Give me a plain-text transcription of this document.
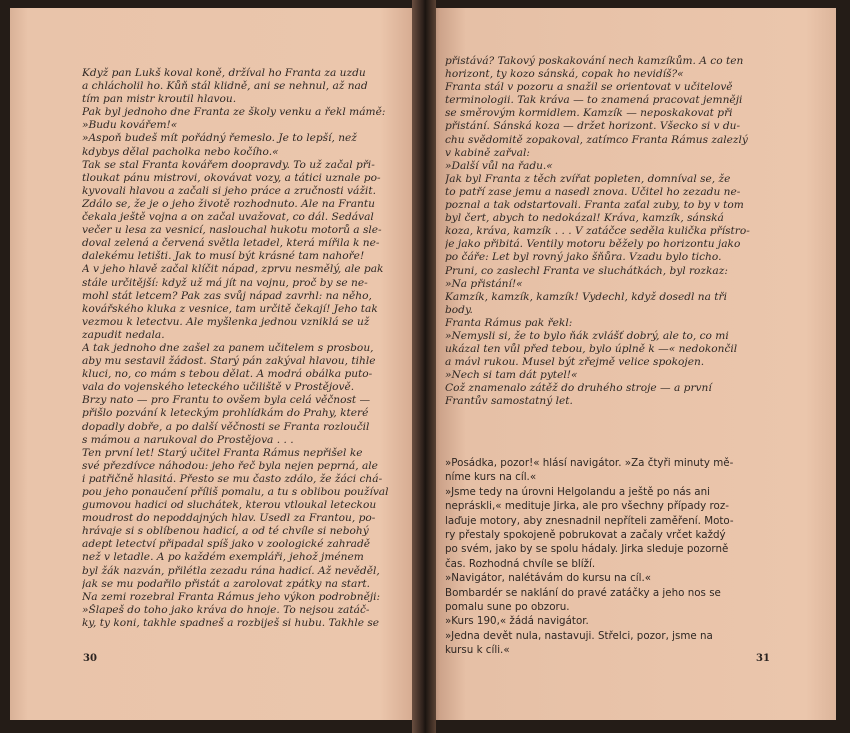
Když pan Lukš koval koně, držíval ho Franta za uzdu
a chlácholil ho. Kůň stál klidně, ani se nehnul, až nad
tím pan mistr kroutil hlavou.
Pak byl jednoho dne Franta ze školy venku a řekl mámě:
»Budu kovářem!«
»Aspoň budeš mít pořádný řemeslo. Je to lepší, než
kdybys dělal pacholka nebo kočího.«
Tak se stal Franta kovářem doopravdy. To už začal při-
tloukat pánu mistrovi, okovávat vozy, a tátici uznale po-
kyvovali hlavou a začali si jeho práce a zručnosti vážit.
Zdálo se, že je o jeho životě rozhodnuto. Ale na Frantu
čekala ještě vojna a on začal uvažovat, co dál. Sedával
večer u lesa za vesnicí, naslouchal hukotu motorů a sle-
doval zelená a červená světla letadel, která mířila k ne-
dalekému letišti. Jak to musí být krásné tam nahoře!
A v jeho hlavě začal klíčit nápad, zprvu nesmělý, ale pak
stále určitější: když už má jít na vojnu, proč by se ne-
mohl stát letcem? Pak zas svůj nápad zavrhl: na něho,
kovářského kluka z vesnice, tam určitě čekají! Jeho tak
vezmou k letectvu. Ale myšlenka jednou vzniklá se už
zapudit nedala.
A tak jednoho dne zašel za panem učitelem s prosbou,
aby mu sestavil žádost. Starý pán zakýval hlavou, tihle
kluci, no, co mám s tebou dělat. A modrá obálka puto-
vala do vojenského leteckého učiliště v Prostějově.
Brzy nato — pro Frantu to ovšem byla celá věčnost —
přišlo pozvání k leteckým prohlídkám do Prahy, které
dopadly dobře, a po další věčnosti se Franta rozloučil
s mámou a narukoval do Prostějova . . .
Ten první let! Starý učitel Franta Rámus nepřišel ke
své přezdívce náhodou: jeho řeč byla nejen peprná, ale
i patřičně hlasitá. Přesto se mu často zdálo, že žáci chá-
pou jeho ponaučení příliš pomalu, a tu s oblibou používal
gumovou hadici od sluchátek, kterou vtloukal leteckou
moudrost do nepoddajných hlav. Usedl za Frantou, po-
hrávaje si s oblíbenou hadicí, a od té chvíle si nebohý
adept letectví připadal spíš jako v zoologické zahradě
než v letadle. A po každém exempláři, jehož jménem
byl žák nazván, přilétla zezadu rána hadicí. Až nevěděl,
jak se mu podařilo přistát a zarolovat zpátky na start.
Na zemi rozebral Franta Rámus jeho výkon podrobněji:
»Šlapeš do toho jako kráva do hnoje. To nejsou zatáč-
ky, ty koni, takhle spadneš a rozbiješ si hubu. Takhle se
30
přistává? Takový poskakování nech kamzíkům. A co ten
horizont, ty kozo sánská, copak ho nevidíš?«
Franta stál v pozoru a snažil se orientovat v učitelově
terminologii. Tak kráva — to znamená pracovat jemněji
se směrovým kormidlem. Kamzík — neposkakovat při
přistání. Sánská koza — držet horizont. Všecko si v du-
chu svědomitě zopakoval, zatímco Franta Rámus zalezlý
v kabině zařval:
»Další vůl na řadu.«
Jak byl Franta z těch zvířat popleten, domníval se, že
to patří zase jemu a nasedl znova. Učitel ho zezadu ne-
poznal a tak odstartovali. Franta zaťal zuby, to by v tom
byl čert, abych to nedokázal! Kráva, kamzík, sánská
koza, kráva, kamzík . . . V zatáčce seděla kulička přístro-
je jako přibitá. Ventily motoru běžely po horizontu jako
po čáře: Let byl rovný jako šňůra. Vzadu bylo ticho.
Pruni, co zaslechl Franta ve sluchátkách, byl rozkaz:
»Na přistání!«
Kamzík, kamzík, kamzík! Vydechl, když dosedl na tři
body.
Franta Rámus pak řekl:
»Nemysli si, že to bylo ňák zvlášť dobrý, ale to, co mi
ukázal ten vůl před tebou, bylo úplně k —« nedokončil
a mávl rukou. Musel být zřejmě velice spokojen.
»Nech si tam dát pytel!«
Což znamenalo zátěž do druhého stroje — a první
Frantův samostatný let.
»Posádka, pozor!« hlásí navigátor. »Za čtyři minuty mě-
níme kurs na cíl.«
»Jsme tedy na úrovni Helgolandu a ještě po nás ani
nepráskli,« medituje Jirka, ale pro všechny případy roz-
laďuje motory, aby znesnadnil nepříteli zaměření. Moto-
ry přestaly spokojeně pobrukovat a začaly vrčet každý
po svém, jako by se spolu hádaly. Jirka sleduje pozorně
čas. Rozhodná chvíle se blíží.
»Navigátor, nalétávám do kursu na cíl.«
Bombardér se naklání do pravé zatáčky a jeho nos se
pomalu sune po obzoru.
»Kurs 190,« žádá navigátor.
»Jedna devět nula, nastavuji. Střelci, pozor, jsme na
kursu k cíli.«
31
